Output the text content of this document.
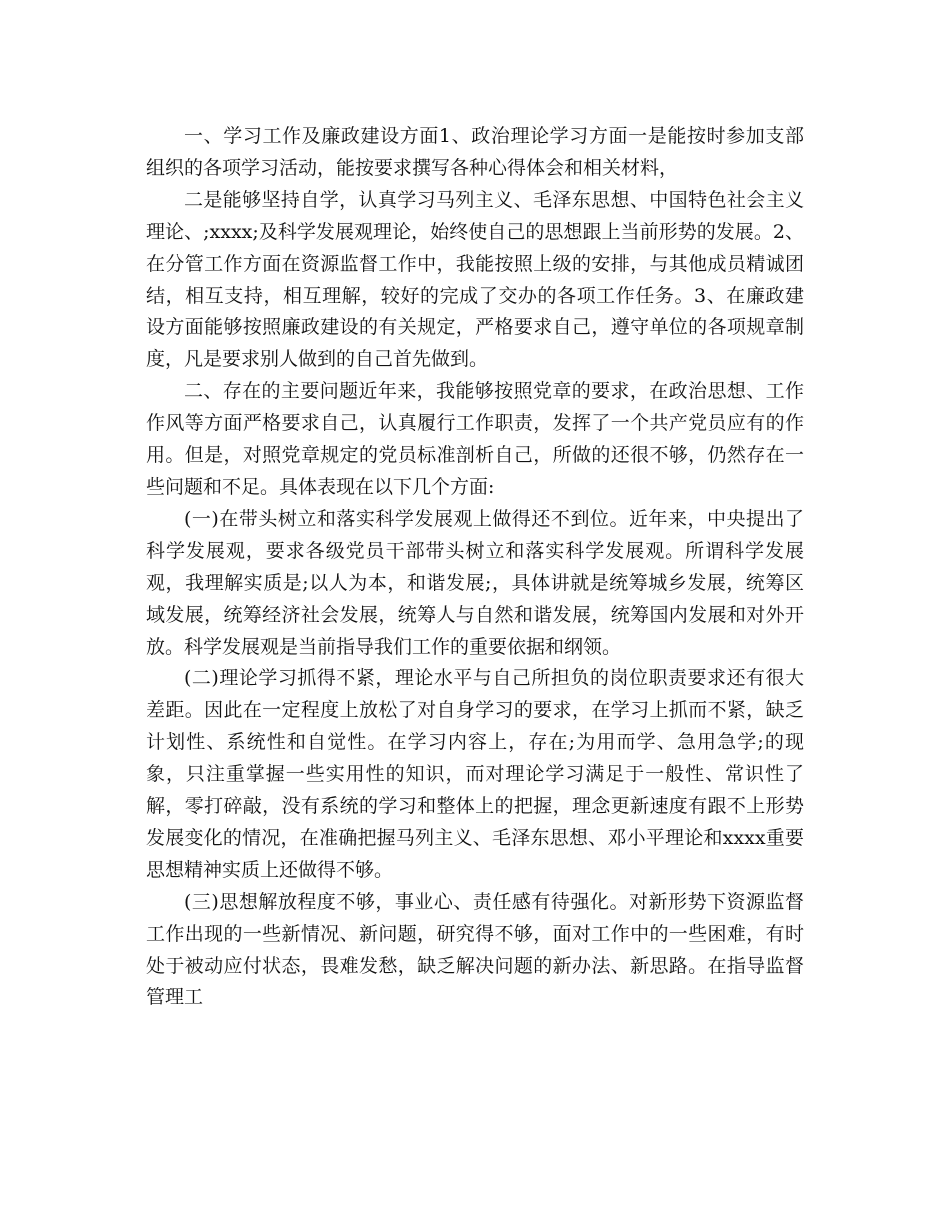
一、学习工作及廉政建设方面1、政治理论学习方面一是能按时参加支部组织的各项学习活动，能按要求撰写各种心得体会和相关材料，

二是能够坚持自学，认真学习马列主义、毛泽东思想、中国特色社会主义理论、;xxxx;及科学发展观理论，始终使自己的思想跟上当前形势的发展。2、在分管工作方面在资源监督工作中，我能按照上级的安排，与其他成员精诚团结，相互支持，相互理解，较好的完成了交办的各项工作任务。3、在廉政建设方面能够按照廉政建设的有关规定，严格要求自己，遵守单位的各项规章制度，凡是要求别人做到的自己首先做到。

二、存在的主要问题近年来，我能够按照党章的要求，在政治思想、工作作风等方面严格要求自己，认真履行工作职责，发挥了一个共产党员应有的作用。但是，对照党章规定的党员标准剖析自己，所做的还很不够，仍然存在一些问题和不足。具体表现在以下几个方面:

(一)在带头树立和落实科学发展观上做得还不到位。近年来，中央提出了科学发展观，要求各级党员干部带头树立和落实科学发展观。所谓科学发展观，我理解实质是;以人为本，和谐发展;，具体讲就是统筹城乡发展，统筹区域发展，统筹经济社会发展，统筹人与自然和谐发展，统筹国内发展和对外开放。科学发展观是当前指导我们工作的重要依据和纲领。

(二)理论学习抓得不紧，理论水平与自己所担负的岗位职责要求还有很大差距。因此在一定程度上放松了对自身学习的要求，在学习上抓而不紧，缺乏计划性、系统性和自觉性。在学习内容上，存在;为用而学、急用急学;的现象，只注重掌握一些实用性的知识，而对理论学习满足于一般性、常识性了解，零打碎敲，没有系统的学习和整体上的把握，理念更新速度有跟不上形势发展变化的情况，在准确把握马列主义、毛泽东思想、邓小平理论和xxxx重要思想精神实质上还做得不够。

(三)思想解放程度不够，事业心、责任感有待强化。对新形势下资源监督工作出现的一些新情况、新问题，研究得不够，面对工作中的一些困难，有时处于被动应付状态，畏难发愁，缺乏解决问题的新办法、新思路。在指导监督管理工
